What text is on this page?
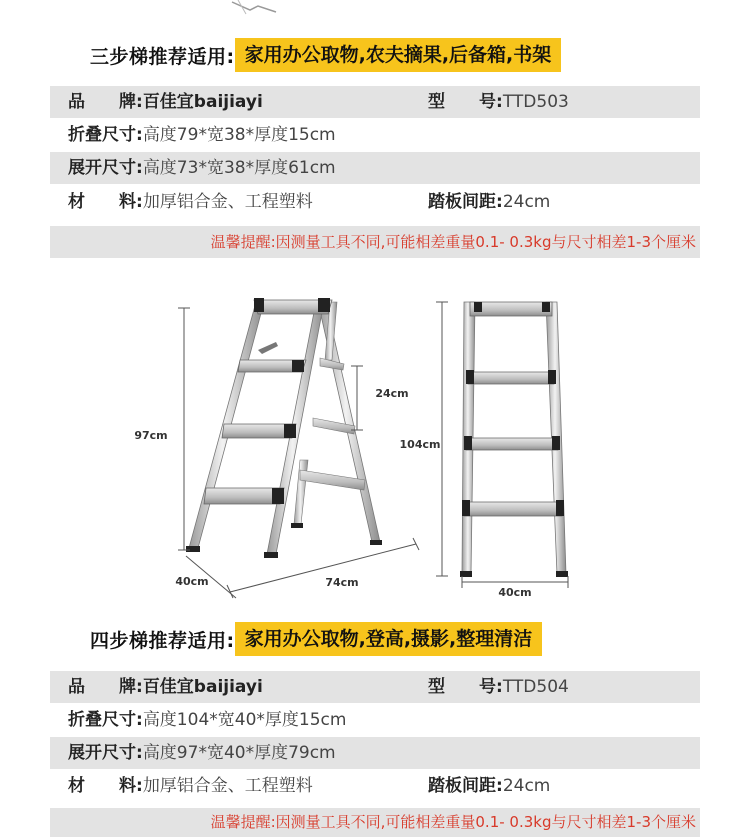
三步梯推荐适用: 家用办公取物,农夫摘果,后备箱,书架
品　　牌:百佳宜baijiayi	型　　号:TTD503
折叠尺寸:高度79*宽38*厚度15cm
展开尺寸:高度73*宽38*厚度61cm
材　　料:加厚铝合金、工程塑料	踏板间距:24cm
温馨提醒:因测量工具不同,可能相差重量0.1- 0.3kg与尺寸相差1-3个厘米
97cm
24cm
74cm
40cm
104cm
40cm
四步梯推荐适用: 家用办公取物,登高,摄影,整理清洁
品　　牌:百佳宜baijiayi	型　　号:TTD504
折叠尺寸:高度104*宽40*厚度15cm
展开尺寸:高度97*宽40*厚度79cm
材　　料:加厚铝合金、工程塑料	踏板间距:24cm
温馨提醒:因测量工具不同,可能相差重量0.1- 0.3kg与尺寸相差1-3个厘米
